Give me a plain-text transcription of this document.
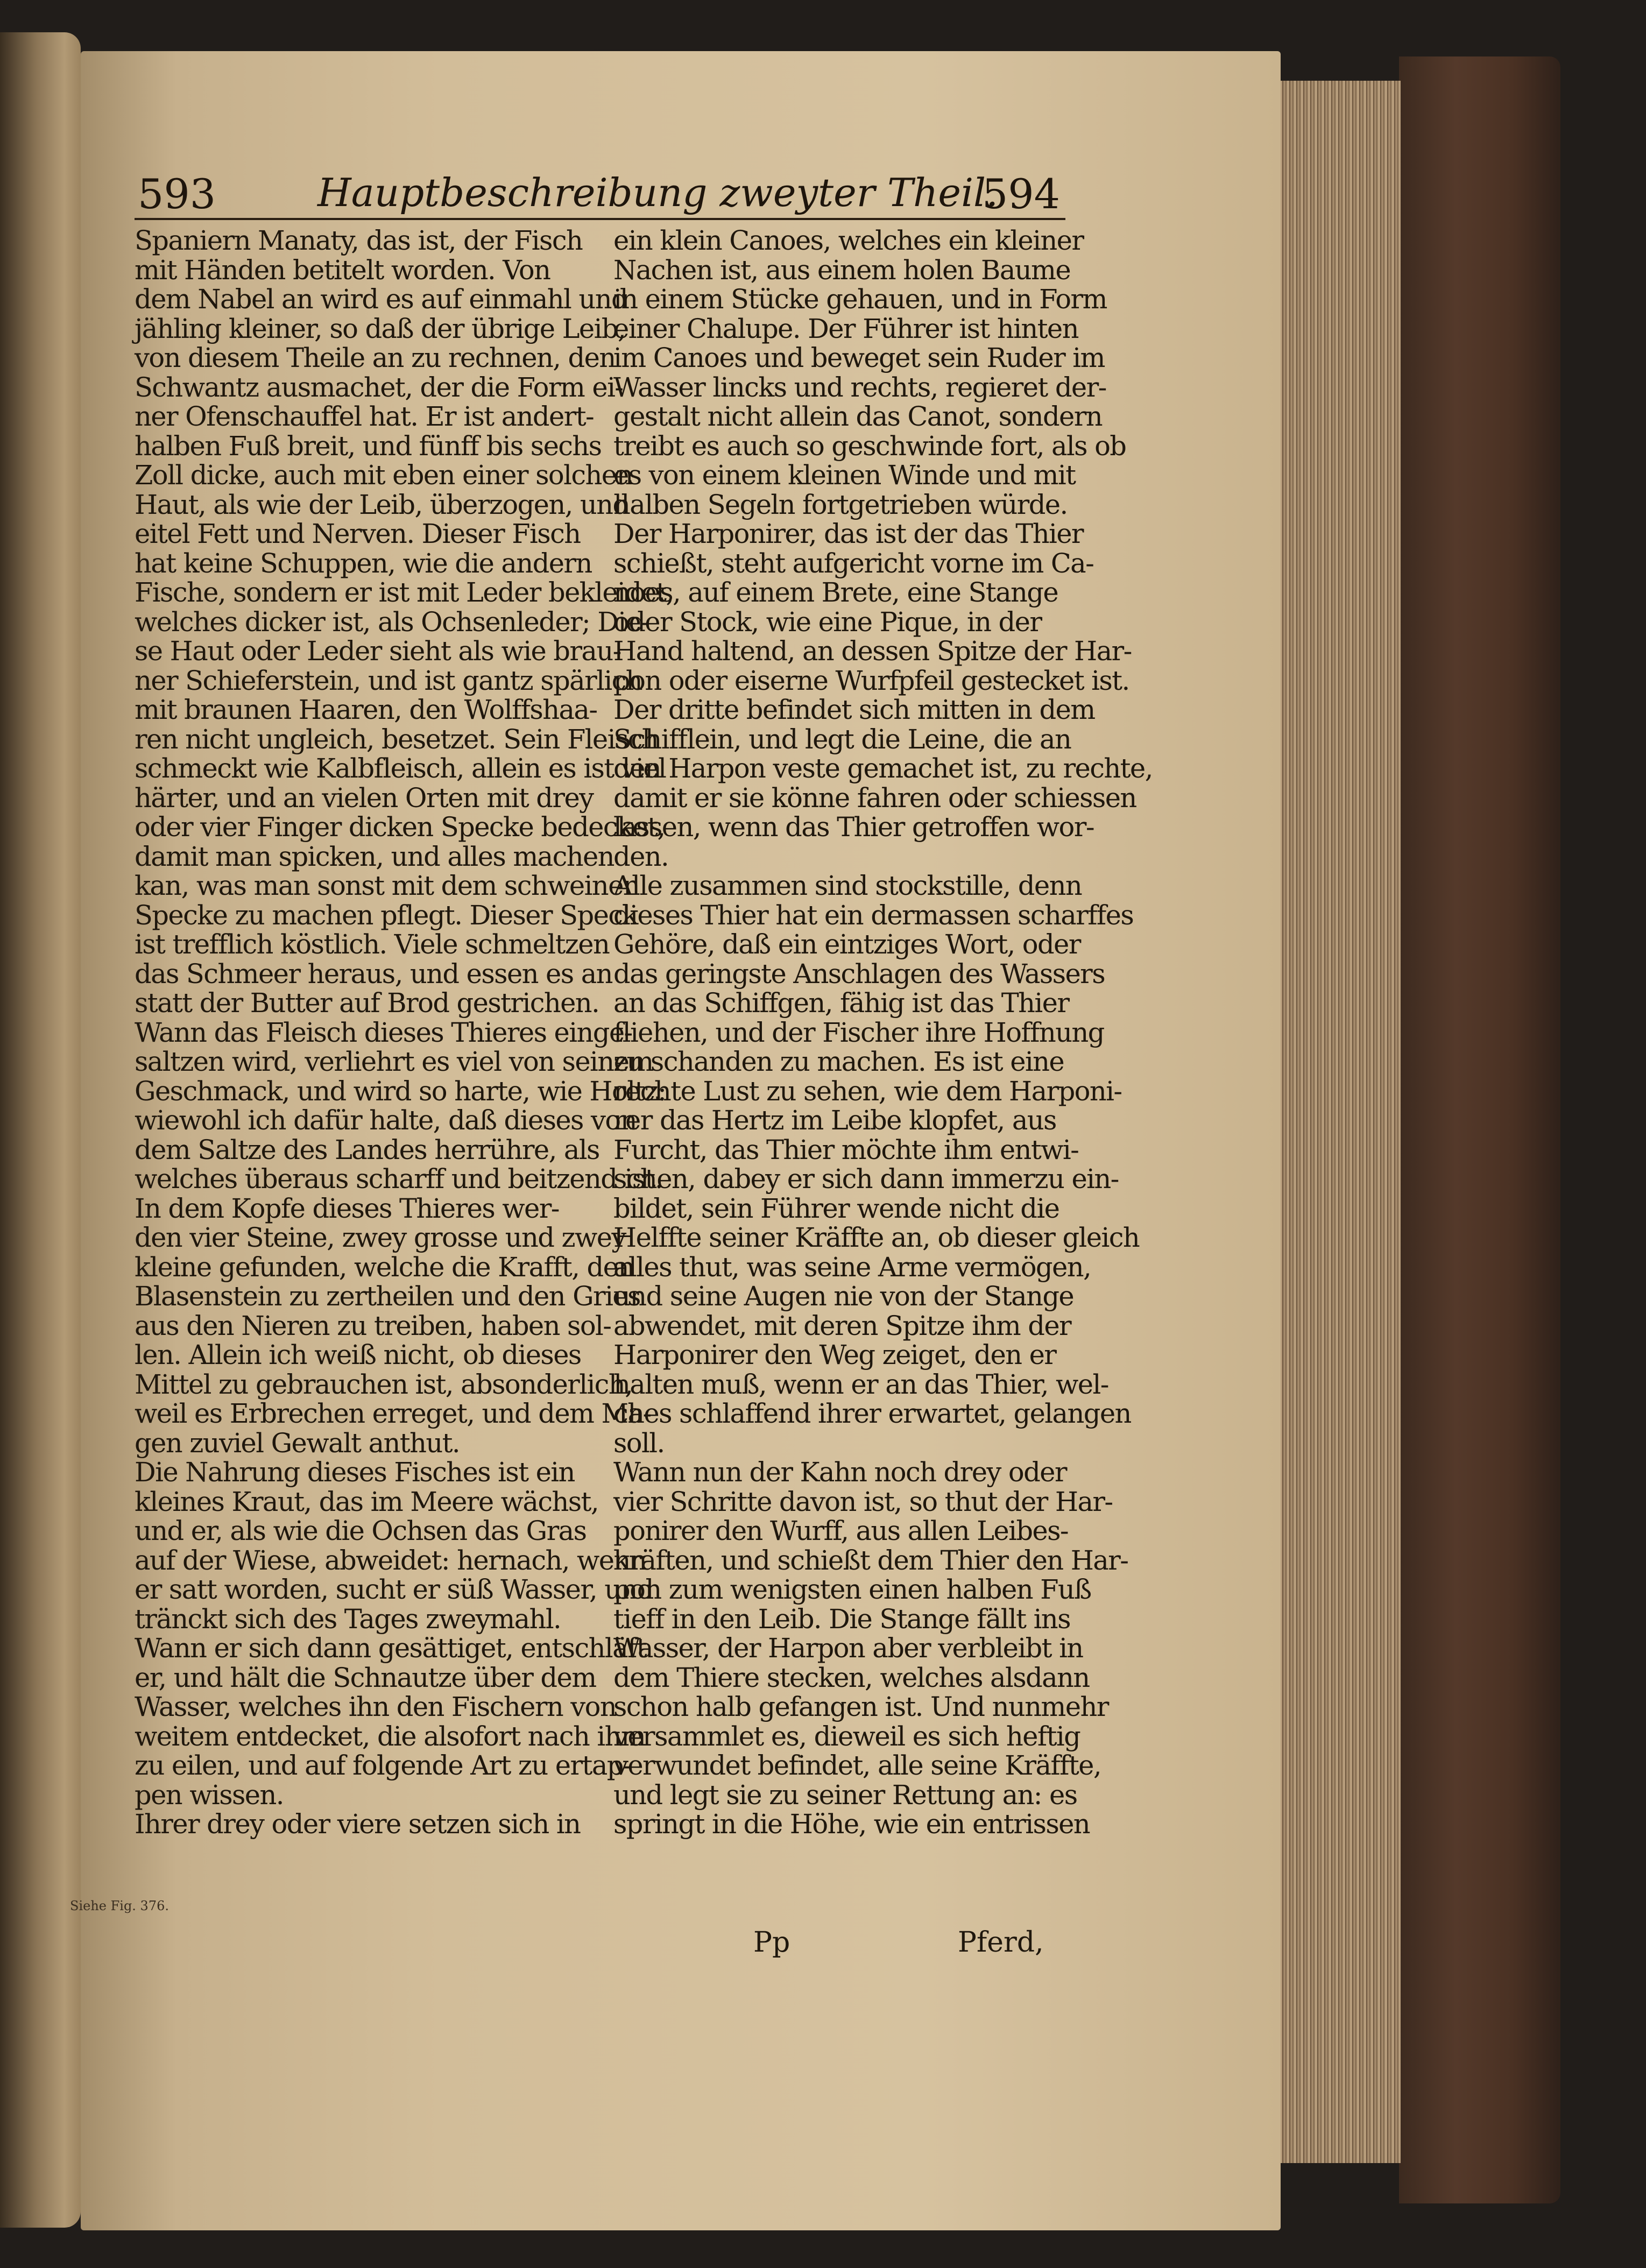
593	Hauptbeschreibung zweyter Theil.
594
Siehe Fig. 376.
Spaniern Manaty, das ist, der Fisch
mit Händen betitelt worden. Von
dem Nabel an wird es auf einmahl und
jähling kleiner, so daß der übrige Leib,
von diesem Theile an zu rechnen, den
Schwantz ausmachet, der die Form ei-
ner Ofenschauffel hat. Er ist andert-
halben Fuß breit, und fünff bis sechs
Zoll dicke, auch mit eben einer solchen
Haut, als wie der Leib, überzogen, und
eitel Fett und Nerven. Dieser Fisch
hat keine Schuppen, wie die andern
Fische, sondern er ist mit Leder bekleidet,
welches dicker ist, als Ochsenleder; Die-
se Haut oder Leder sieht als wie brau-
ner Schieferstein, und ist gantz spärlich
mit braunen Haaren, den Wolffshaa-
ren nicht ungleich, besetzet. Sein Fleisch
schmeckt wie Kalbfleisch, allein es ist viel
härter, und an vielen Orten mit drey
oder vier Finger dicken Specke bedecket,
damit man spicken, und alles machen
kan, was man sonst mit dem schweinen
Specke zu machen pflegt. Dieser Speck
ist trefflich köstlich. Viele schmeltzen
das Schmeer heraus, und essen es an
statt der Butter auf Brod gestrichen.
Wann das Fleisch dieses Thieres einge-
saltzen wird, verliehrt es viel von seinem
Geschmack, und wird so harte, wie Holtz:
wiewohl ich dafür halte, daß dieses von
dem Saltze des Landes herrühre, als
welches überaus scharff und beitzend ist.
In dem Kopfe dieses Thieres wer-
den vier Steine, zwey grosse und zwey
kleine gefunden, welche die Krafft, den
Blasenstein zu zertheilen und den Gries
aus den Nieren zu treiben, haben sol-
len. Allein ich weiß nicht, ob dieses
Mittel zu gebrauchen ist, absonderlich,
weil es Erbrechen erreget, und dem Ma-
gen zuviel Gewalt anthut.
Die Nahrung dieses Fisches ist ein
kleines Kraut, das im Meere wächst,
und er, als wie die Ochsen das Gras
auf der Wiese, abweidet: hernach, wenn
er satt worden, sucht er süß Wasser, und
tränckt sich des Tages zweymahl.
Wann er sich dann gesättiget, entschläft
er, und hält die Schnautze über dem
Wasser, welches ihn den Fischern von
weitem entdecket, die alsofort nach ihm
zu eilen, und auf folgende Art zu ertap-
pen wissen.
Ihrer drey oder viere setzen sich in
ein klein Canoes, welches ein kleiner
Nachen ist, aus einem holen Baume
in einem Stücke gehauen, und in Form
einer Chalupe. Der Führer ist hinten
im Canoes und beweget sein Ruder im
Wasser lincks und rechts, regieret der-
gestalt nicht allein das Canot, sondern
treibt es auch so geschwinde fort, als ob
es von einem kleinen Winde und mit
halben Segeln fortgetrieben würde.
Der Harponirer, das ist der das Thier
schießt, steht aufgericht vorne im Ca-
noes, auf einem Brete, eine Stange
oder Stock, wie eine Pique, in der
Hand haltend, an dessen Spitze der Har-
pon oder eiserne Wurfpfeil gestecket ist.
Der dritte befindet sich mitten in dem
Schifflein, und legt die Leine, die an
den Harpon veste gemachet ist, zu rechte,
damit er sie könne fahren oder schiessen
lassen, wenn das Thier getroffen wor-
den.
Alle zusammen sind stockstille, denn
dieses Thier hat ein dermassen scharffes
Gehöre, daß ein eintziges Wort, oder
das geringste Anschlagen des Wassers
an das Schiffgen, fähig ist das Thier
fliehen, und der Fischer ihre Hoffnung
zu schanden zu machen. Es ist eine
rechte Lust zu sehen, wie dem Harponi-
rer das Hertz im Leibe klopfet, aus
Furcht, das Thier möchte ihm entwi-
schen, dabey er sich dann immerzu ein-
bildet, sein Führer wende nicht die
Helffte seiner Kräffte an, ob dieser gleich
alles thut, was seine Arme vermögen,
und seine Augen nie von der Stange
abwendet, mit deren Spitze ihm der
Harponirer den Weg zeiget, den er
halten muß, wenn er an das Thier, wel-
ches schlaffend ihrer erwartet, gelangen
soll.
Wann nun der Kahn noch drey oder
vier Schritte davon ist, so thut der Har-
ponirer den Wurff, aus allen Leibes-
kräften, und schießt dem Thier den Har-
pon zum wenigsten einen halben Fuß
tieff in den Leib. Die Stange fällt ins
Wasser, der Harpon aber verbleibt in
dem Thiere stecken, welches alsdann
schon halb gefangen ist. Und nunmehr
versammlet es, dieweil es sich heftig
verwundet befindet, alle seine Kräffte,
und legt sie zu seiner Rettung an: es
springt in die Höhe, wie ein entrissen
Pp	Pferd,
